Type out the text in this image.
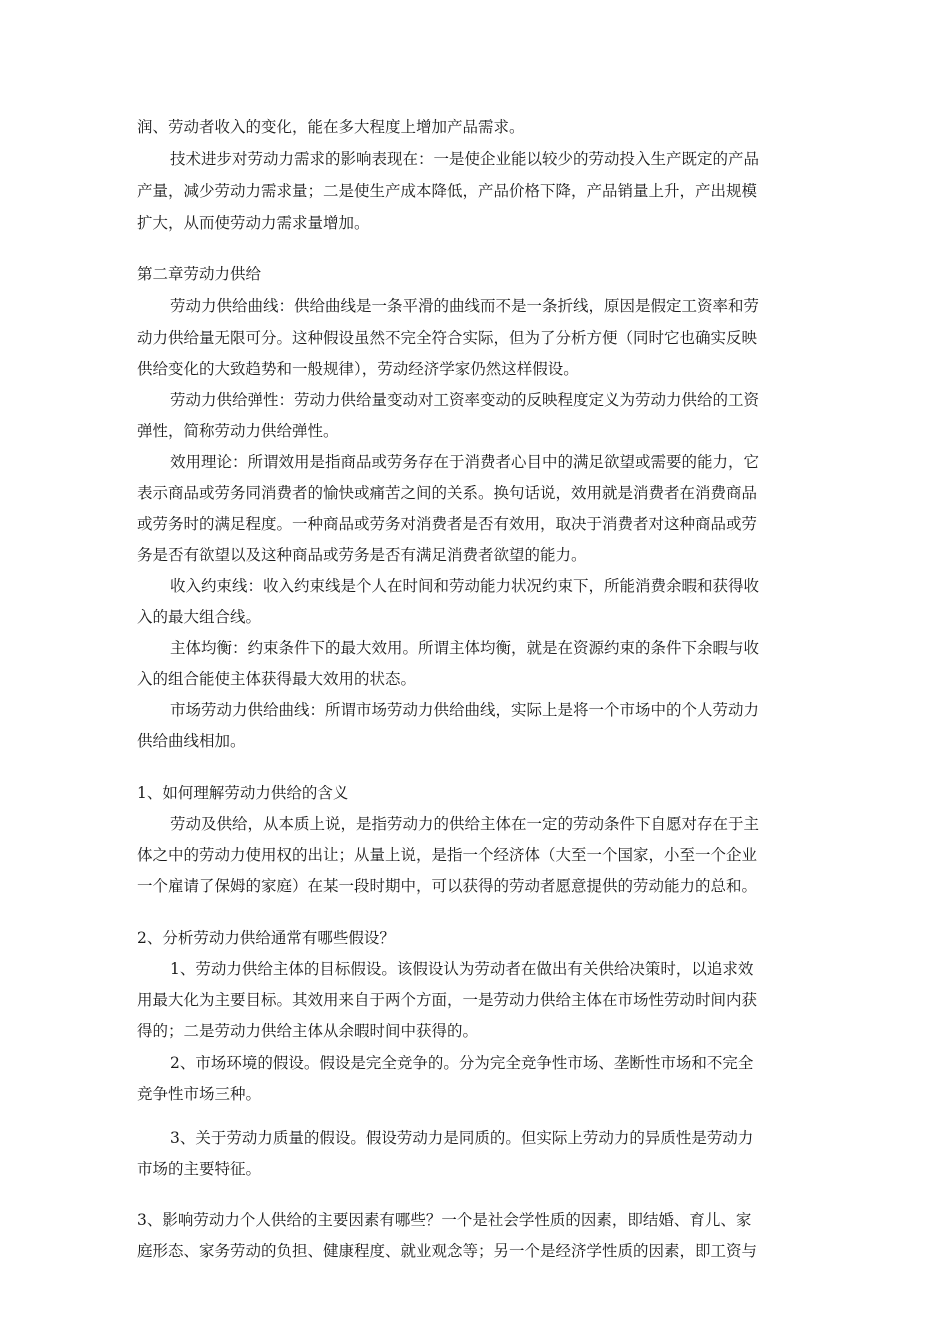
润、劳动者收入的变化，能在多大程度上增加产品需求。
技术进步对劳动力需求的影响表现在：一是使企业能以较少的劳动投入生产既定的产品
产量，减少劳动力需求量；二是使生产成本降低，产品价格下降，产品销量上升，产出规模
扩大，从而使劳动力需求量增加。
第二章劳动力供给
劳动力供给曲线：供给曲线是一条平滑的曲线而不是一条折线，原因是假定工资率和劳
动力供给量无限可分。这种假设虽然不完全符合实际，但为了分析方便（同时它也确实反映
供给变化的大致趋势和一般规律），劳动经济学家仍然这样假设。
劳动力供给弹性：劳动力供给量变动对工资率变动的反映程度定义为劳动力供给的工资
弹性，简称劳动力供给弹性。
效用理论：所谓效用是指商品或劳务存在于消费者心目中的满足欲望或需要的能力，它
表示商品或劳务同消费者的愉快或痛苦之间的关系。换句话说，效用就是消费者在消费商品
或劳务时的满足程度。一种商品或劳务对消费者是否有效用，取决于消费者对这种商品或劳
务是否有欲望以及这种商品或劳务是否有满足消费者欲望的能力。
收入约束线：收入约束线是个人在时间和劳动能力状况约束下，所能消费余暇和获得收
入的最大组合线。
主体均衡：约束条件下的最大效用。所谓主体均衡，就是在资源约束的条件下余暇与收
入的组合能使主体获得最大效用的状态。
市场劳动力供给曲线：所谓市场劳动力供给曲线，实际上是将一个市场中的个人劳动力
供给曲线相加。
1、如何理解劳动力供给的含义
劳动及供给，从本质上说，是指劳动力的供给主体在一定的劳动条件下自愿对存在于主
体之中的劳动力使用权的出让；从量上说，是指一个经济体（大至一个国家，小至一个企业
一个雇请了保姆的家庭）在某一段时期中，可以获得的劳动者愿意提供的劳动能力的总和。
2、分析劳动力供给通常有哪些假设？
1、劳动力供给主体的目标假设。该假设认为劳动者在做出有关供给决策时，以追求效
用最大化为主要目标。其效用来自于两个方面，一是劳动力供给主体在市场性劳动时间内获
得的；二是劳动力供给主体从余暇时间中获得的。
2、市场环境的假设。假设是完全竞争的。分为完全竞争性市场、垄断性市场和不完全
竞争性市场三种。
3、关于劳动力质量的假设。假设劳动力是同质的。但实际上劳动力的异质性是劳动力
市场的主要特征。
3、影响劳动力个人供给的主要因素有哪些？一个是社会学性质的因素，即结婚、育儿、家
庭形态、家务劳动的负担、健康程度、就业观念等；另一个是经济学性质的因素，即工资与
